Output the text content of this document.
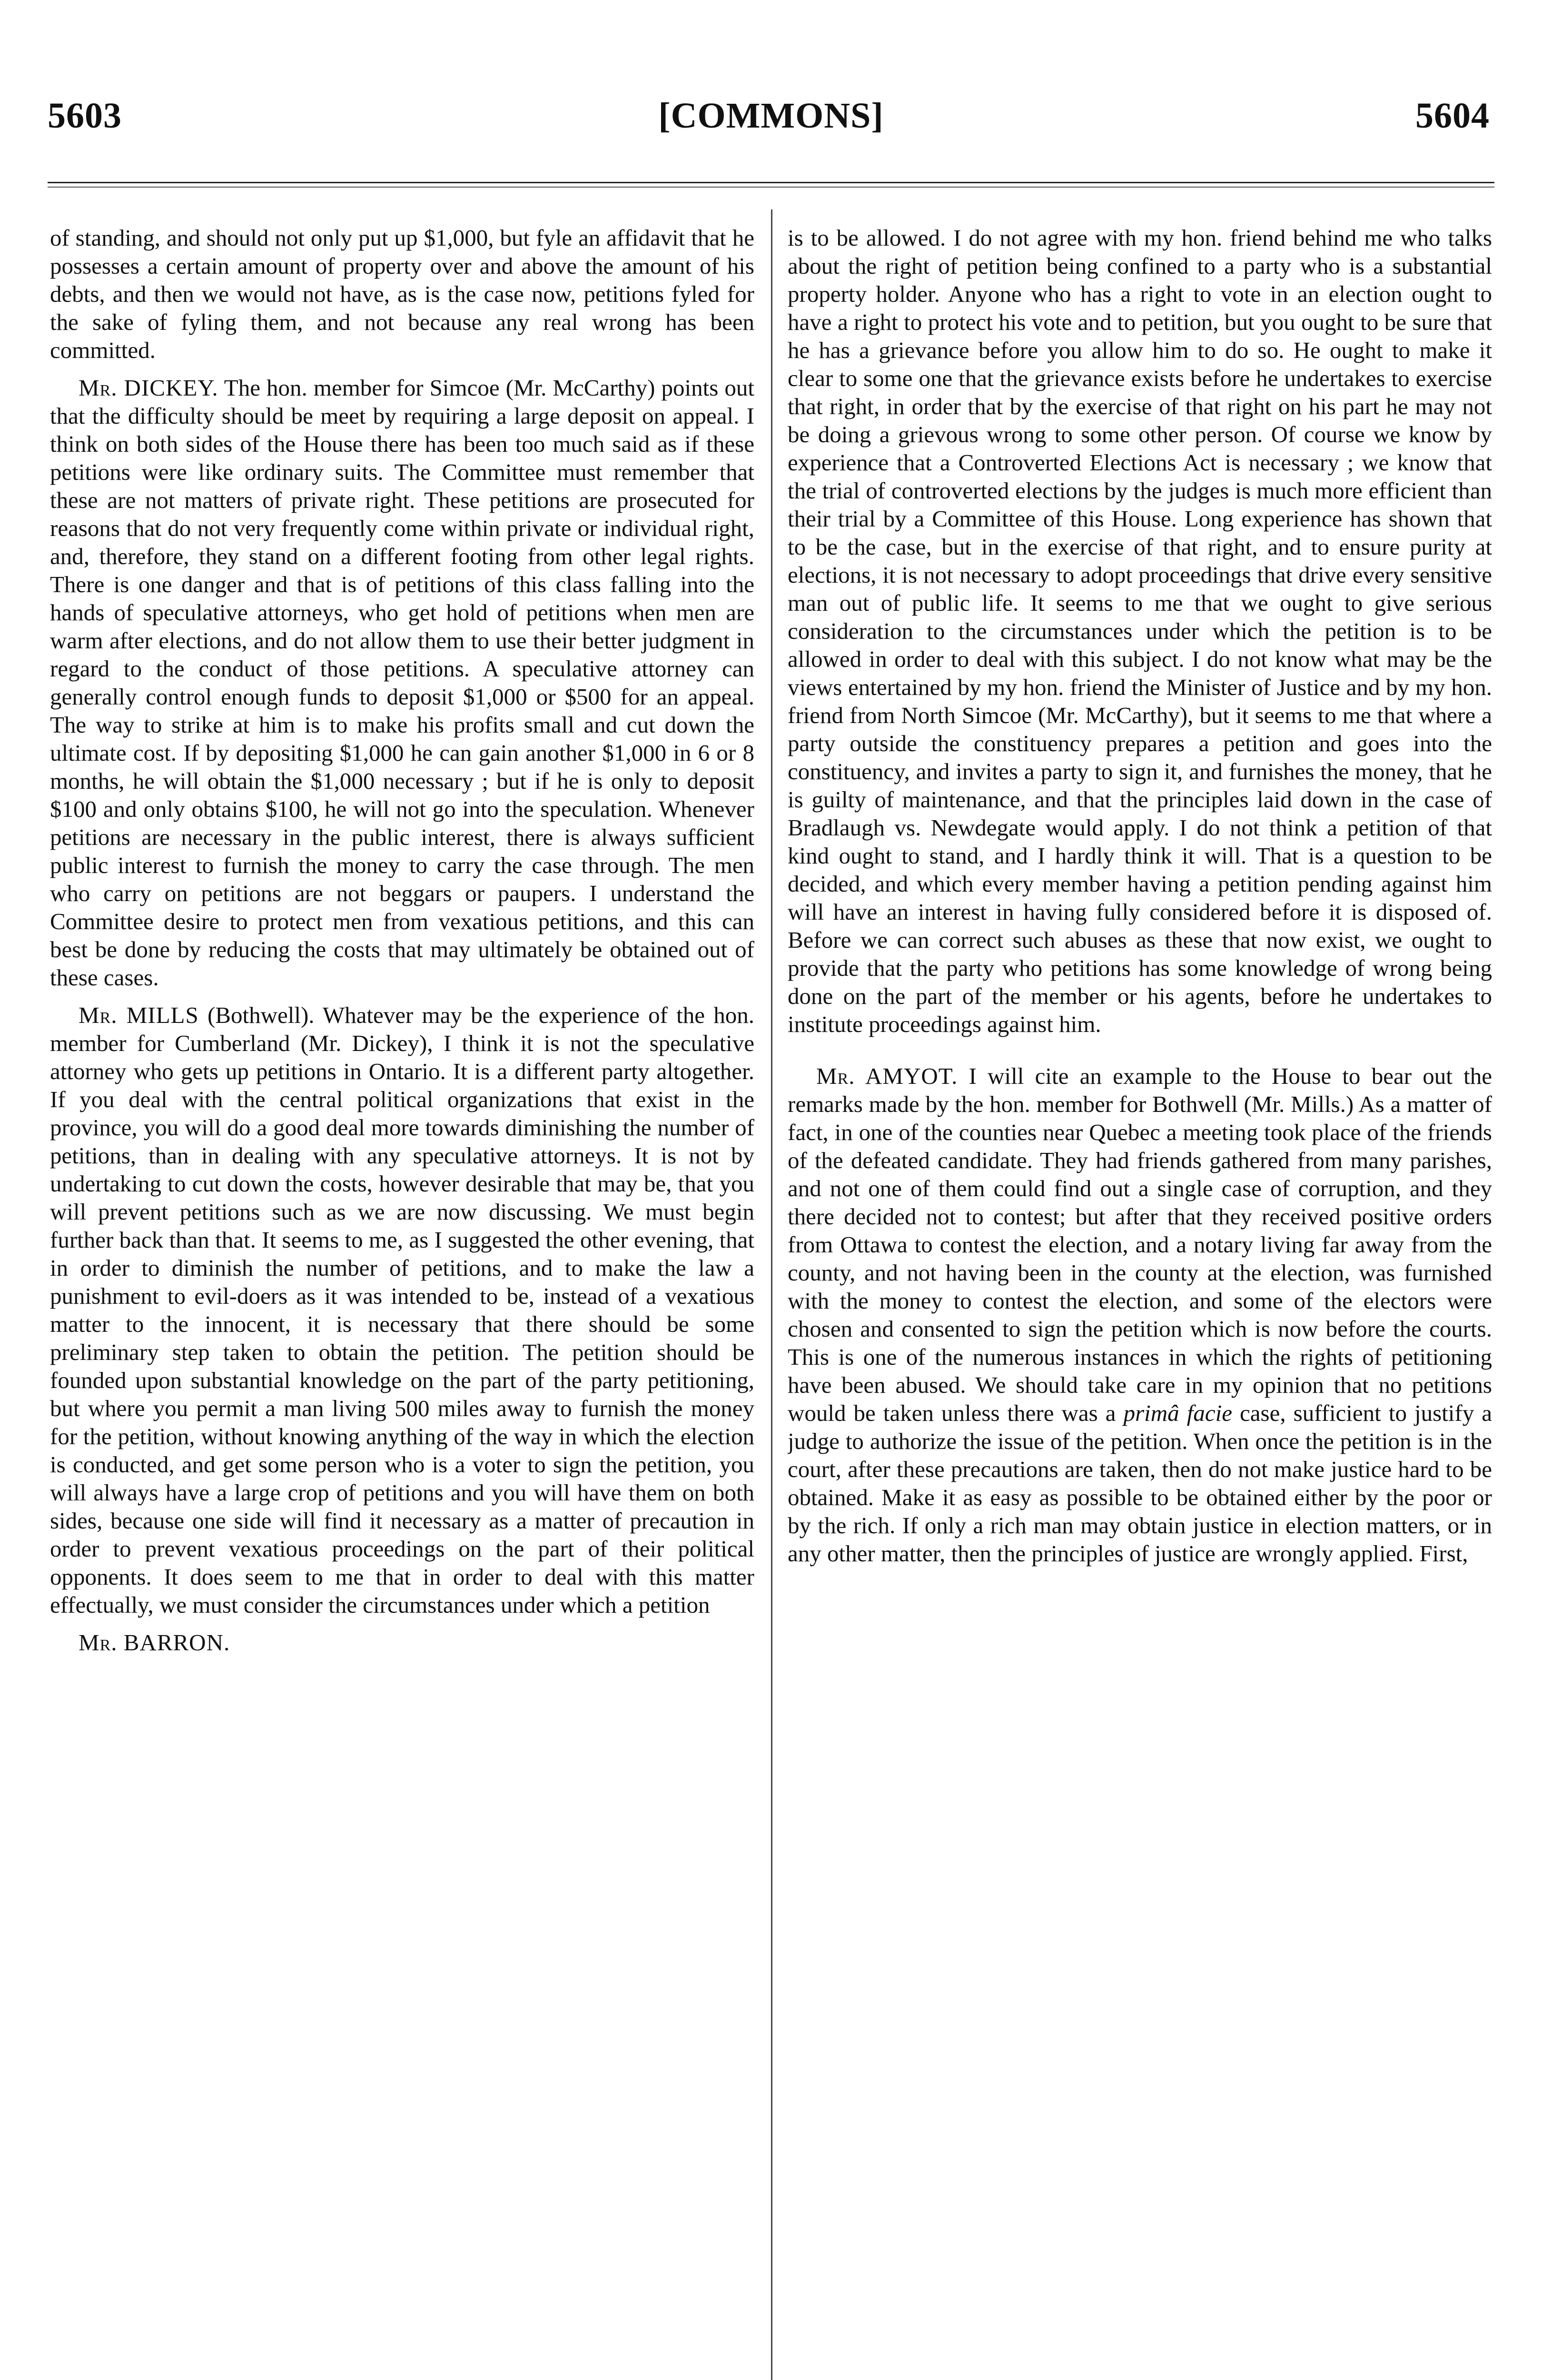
5603	[COMMONS]	5604

of standing, and should not only put up $1,000, but fyle an affidavit that he possesses a certain amount of property over and above the amount of his debts, and then we would not have, as is the case now, petitions fyled for the sake of fyling them, and not because any real wrong has been committed.

Mr. DICKEY. The hon. member for Simcoe (Mr. McCarthy) points out that the difficulty should be meet by requiring a large deposit on appeal. I think on both sides of the House there has been too much said as if these petitions were like ordinary suits. The Committee must remember that these are not matters of private right. These petitions are prosecuted for reasons that do not very frequently come within private or individual right, and, therefore, they stand on a different footing from other legal rights. There is one danger and that is of petitions of this class falling into the hands of speculative attorneys, who get hold of petitions when men are warm after elections, and do not allow them to use their better judgment in regard to the conduct of those petitions. A speculative attorney can generally control enough funds to deposit $1,000 or $500 for an appeal. The way to strike at him is to make his profits small and cut down the ultimate cost. If by depositing $1,000 he can gain another $1,000 in 6 or 8 months, he will obtain the $1,000 necessary ; but if he is only to deposit $100 and only obtains $100, he will not go into the speculation. Whenever petitions are necessary in the public interest, there is always sufficient public interest to furnish the money to carry the case through. The men who carry on petitions are not beggars or paupers. I understand the Committee desire to protect men from vexatious petitions, and this can best be done by reducing the costs that may ultimately be obtained out of these cases.

Mr. MILLS (Bothwell). Whatever may be the experience of the hon. member for Cumberland (Mr. Dickey), I think it is not the speculative attorney who gets up petitions in Ontario. It is a different party altogether. If you deal with the central political organizations that exist in the province, you will do a good deal more towards diminishing the number of petitions, than in dealing with any speculative attorneys. It is not by undertaking to cut down the costs, however desirable that may be, that you will prevent petitions such as we are now discussing. We must begin further back than that. It seems to me, as I suggested the other evening, that in order to diminish the number of petitions, and to make the law a punishment to evil-doers as it was intended to be, instead of a vexatious matter to the innocent, it is necessary that there should be some preliminary step taken to obtain the petition. The petition should be founded upon substantial knowledge on the part of the party petitioning, but where you permit a man living 500 miles away to furnish the money for the petition, without knowing anything of the way in which the election is conducted, and get some person who is a voter to sign the petition, you will always have a large crop of petitions and you will have them on both sides, because one side will find it necessary as a matter of precaution in order to prevent vexatious proceedings on the part of their political opponents. It does seem to me that in order to deal with this matter effectually, we must consider the circumstances under which a petition

Mr. BARRON.

is to be allowed. I do not agree with my hon. friend behind me who talks about the right of petition being confined to a party who is a substantial property holder. Anyone who has a right to vote in an election ought to have a right to protect his vote and to petition, but you ought to be sure that he has a grievance before you allow him to do so. He ought to make it clear to some one that the grievance exists before he undertakes to exercise that right, in order that by the exercise of that right on his part he may not be doing a grievous wrong to some other person. Of course we know by experience that a Controverted Elections Act is necessary ; we know that the trial of controverted elections by the judges is much more efficient than their trial by a Committee of this House. Long experience has shown that to be the case, but in the exercise of that right, and to ensure purity at elections, it is not necessary to adopt proceedings that drive every sensitive man out of public life. It seems to me that we ought to give serious consideration to the circumstances under which the petition is to be allowed in order to deal with this subject. I do not know what may be the views entertained by my hon. friend the Minister of Justice and by my hon. friend from North Simcoe (Mr. McCarthy), but it seems to me that where a party outside the constituency prepares a petition and goes into the constituency, and invites a party to sign it, and furnishes the money, that he is guilty of maintenance, and that the principles laid down in the case of Bradlaugh vs. Newdegate would apply. I do not think a petition of that kind ought to stand, and I hardly think it will. That is a question to be decided, and which every member having a petition pending against him will have an interest in having fully considered before it is disposed of. Before we can correct such abuses as these that now exist, we ought to provide that the party who petitions has some knowledge of wrong being done on the part of the member or his agents, before he undertakes to institute proceedings against him.

Mr. AMYOT. I will cite an example to the House to bear out the remarks made by the hon. member for Bothwell (Mr. Mills.) As a matter of fact, in one of the counties near Quebec a meeting took place of the friends of the defeated candidate. They had friends gathered from many parishes, and not one of them could find out a single case of corruption, and they there decided not to contest; but after that they received positive orders from Ottawa to contest the election, and a notary living far away from the county, and not having been in the county at the election, was furnished with the money to contest the election, and some of the electors were chosen and consented to sign the petition which is now before the courts. This is one of the numerous instances in which the rights of petitioning have been abused. We should take care in my opinion that no petitions would be taken unless there was a primâ facie case, sufficient to justify a judge to authorize the issue of the petition. When once the petition is in the court, after these precautions are taken, then do not make justice hard to be obtained. Make it as easy as possible to be obtained either by the poor or by the rich. If only a rich man may obtain justice in election matters, or in any other matter, then the principles of justice are wrongly applied. First,
